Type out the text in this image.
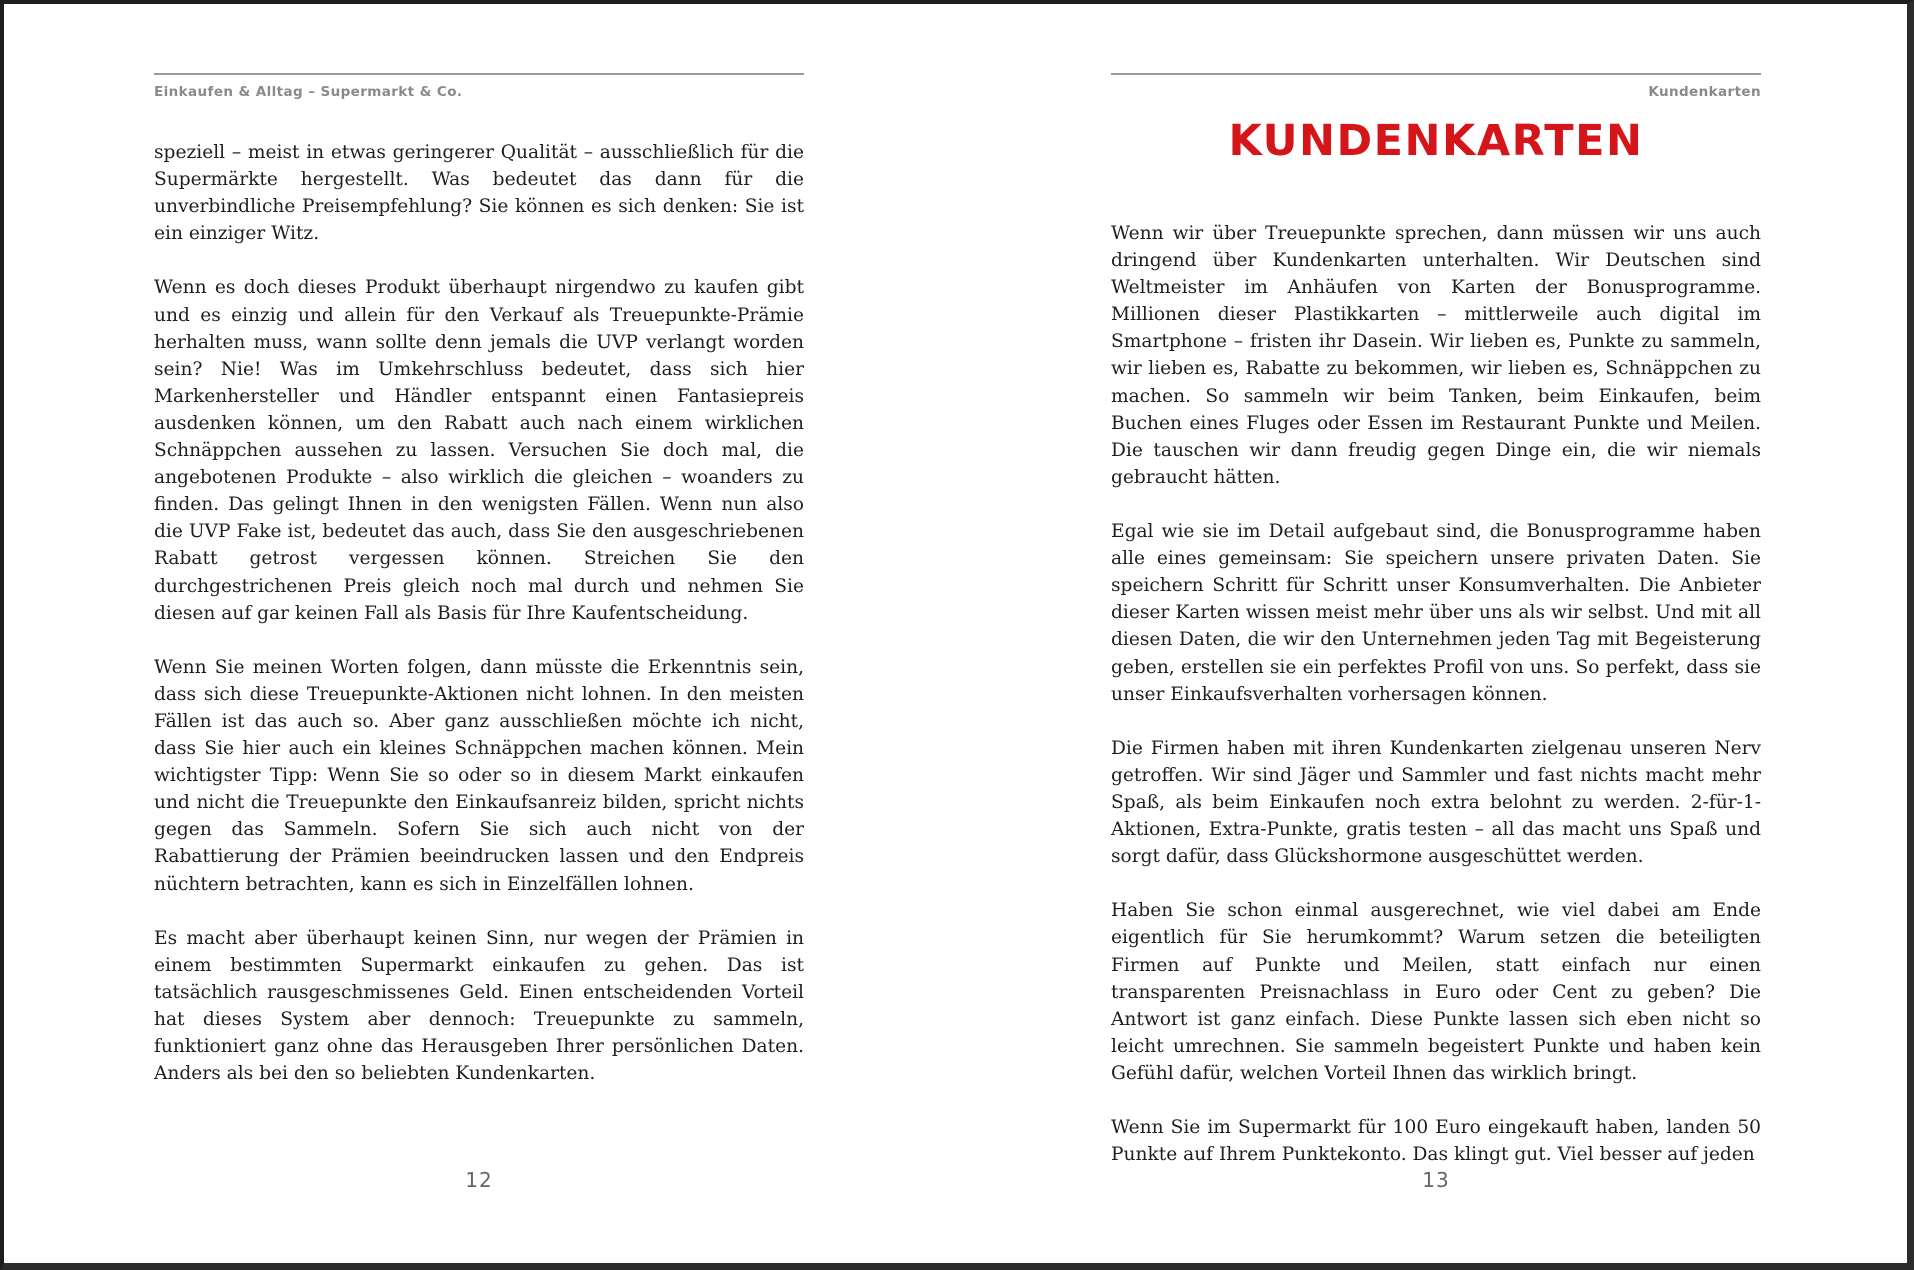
Einkaufen & Alltag – Supermarkt & Co.

speziell – meist in etwas geringerer Qualität – ausschließlich für die Supermärkte hergestellt. Was bedeutet das dann für die unverbindliche Preisempfehlung? Sie können es sich denken: Sie ist ein einziger Witz.

Wenn es doch dieses Produkt überhaupt nirgendwo zu kaufen gibt und es einzig und allein für den Verkauf als Treuepunkte-Prämie herhalten muss, wann sollte denn jemals die UVP verlangt worden sein? Nie! Was im Umkehrschluss bedeutet, dass sich hier Markenhersteller und Händler entspannt einen Fantasiepreis ausdenken können, um den Rabatt auch nach einem wirklichen Schnäppchen aussehen zu lassen. Versuchen Sie doch mal, die angebotenen Produkte – also wirklich die gleichen – woanders zu finden. Das gelingt Ihnen in den wenigsten Fällen. Wenn nun also die UVP Fake ist, bedeutet das auch, dass Sie den ausgeschriebenen Rabatt getrost vergessen können. Streichen Sie den durchgestrichenen Preis gleich noch mal durch und nehmen Sie diesen auf gar keinen Fall als Basis für Ihre Kaufentscheidung.

Wenn Sie meinen Worten folgen, dann müsste die Erkenntnis sein, dass sich diese Treuepunkte-Aktionen nicht lohnen. In den meisten Fällen ist das auch so. Aber ganz ausschließen möchte ich nicht, dass Sie hier auch ein kleines Schnäppchen machen können. Mein wichtigster Tipp: Wenn Sie so oder so in diesem Markt einkaufen und nicht die Treuepunkte den Einkaufsanreiz bilden, spricht nichts gegen das Sammeln. Sofern Sie sich auch nicht von der Rabattierung der Prämien beeindrucken lassen und den Endpreis nüchtern betrachten, kann es sich in Einzelfällen lohnen.

Es macht aber überhaupt keinen Sinn, nur wegen der Prämien in einem bestimmten Supermarkt einkaufen zu gehen. Das ist tatsächlich rausgeschmissenes Geld. Einen entscheidenden Vorteil hat dieses System aber dennoch: Treuepunkte zu sammeln, funktioniert ganz ohne das Herausgeben Ihrer persönlichen Daten. Anders als bei den so beliebten Kundenkarten.

12
Kundenkarten
KUNDENKARTEN

Wenn wir über Treuepunkte sprechen, dann müssen wir uns auch dringend über Kundenkarten unterhalten. Wir Deutschen sind Weltmeister im Anhäufen von Karten der Bonusprogramme. Millionen dieser Plastikkarten – mittlerweile auch digital im Smartphone – fristen ihr Dasein. Wir lieben es, Punkte zu sammeln, wir lieben es, Rabatte zu bekommen, wir lieben es, Schnäppchen zu machen. So sammeln wir beim Tanken, beim Einkaufen, beim Buchen eines Fluges oder Essen im Restaurant Punkte und Meilen. Die tauschen wir dann freudig gegen Dinge ein, die wir niemals gebraucht hätten.

Egal wie sie im Detail aufgebaut sind, die Bonusprogramme haben alle eines gemeinsam: Sie speichern unsere privaten Daten. Sie speichern Schritt für Schritt unser Konsumverhalten. Die Anbieter dieser Karten wissen meist mehr über uns als wir selbst. Und mit all diesen Daten, die wir den Unternehmen jeden Tag mit Begeisterung geben, erstellen sie ein perfektes Profil von uns. So perfekt, dass sie unser Einkaufsverhalten vorhersagen können.

Die Firmen haben mit ihren Kundenkarten zielgenau unseren Nerv getroffen. Wir sind Jäger und Sammler und fast nichts macht mehr Spaß, als beim Einkaufen noch extra belohnt zu werden. 2-für-1-Aktionen, Extra-Punkte, gratis testen – all das macht uns Spaß und sorgt dafür, dass Glückshormone ausgeschüttet werden.

Haben Sie schon einmal ausgerechnet, wie viel dabei am Ende eigentlich für Sie herumkommt? Warum setzen die beteiligten Firmen auf Punkte und Meilen, statt einfach nur einen transparenten Preisnachlass in Euro oder Cent zu geben? Die Antwort ist ganz einfach. Diese Punkte lassen sich eben nicht so leicht umrechnen. Sie sammeln begeistert Punkte und haben kein Gefühl dafür, welchen Vorteil Ihnen das wirklich bringt.

Wenn Sie im Supermarkt für 100 Euro eingekauft haben, landen 50 Punkte auf Ihrem Punktekonto. Das klingt gut. Viel besser auf jeden

13
